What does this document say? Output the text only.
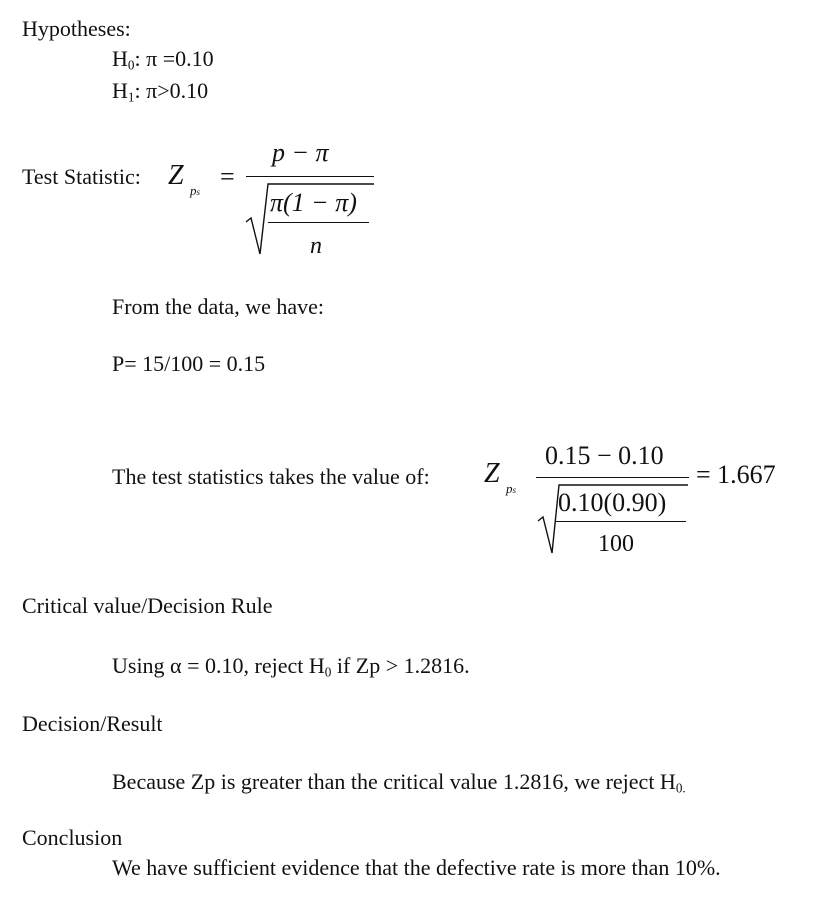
Hypotheses:
$H_0$: π =0.10
$H_1$: π>0.10
Test Statistic: Z ps
=
p − π
π(1 − π)
n
From the data, we have:
P= 15/100 = 0.15
The test statistics takes the value of: Z ps
0.15 − 0.10
0.10(0.90)
100
= 1.667
Critical value/Decision Rule
Using α = 0.10, reject $H_0$ if Zp > 1.2816.
Decision/Result
Because Zp is greater than the critical value 1.2816, we reject $H_{0.}$
Conclusion
We have sufficient evidence that the defective rate is more than 10%.
